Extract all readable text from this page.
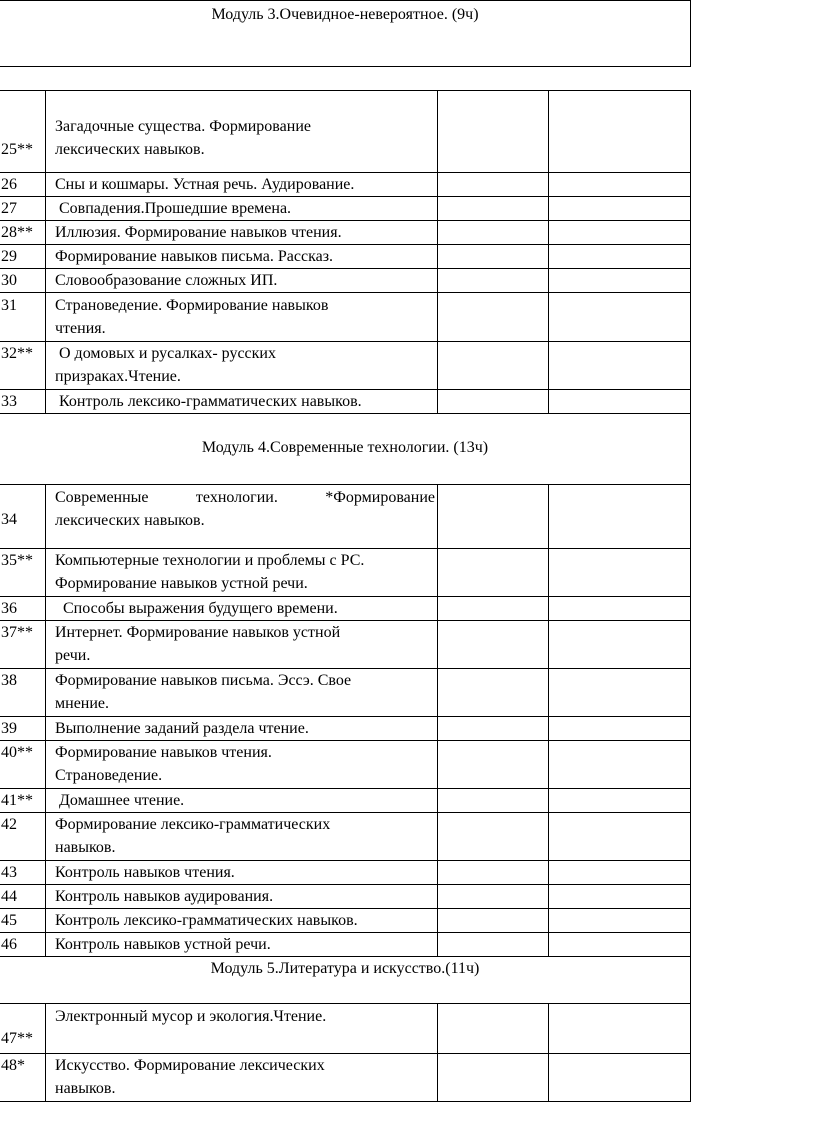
Модуль 3.Очевидное-невероятное. (9ч)
25**
Загадочные существа. Формирование
лексических навыков.
26 Сны и кошмары. Устная речь. Аудирование.
27 Совпадения.Прошедшие времена.
28** Иллюзия. Формирование навыков чтения.
29 Формирование навыков письма. Рассказ.
30 Словообразование сложных ИП.
31 Страноведение. Формирование навыков
чтения.
32** О домовых и русалках- русских
призраках.Чтение.
33 Контроль лексико-грамматических навыков.
Модуль 4.Современные технологии. (13ч)
34
Современные технологии. *Формирование
лексических навыков.
35** Компьютерные технологии и проблемы с РС.
Формирование навыков устной речи.
36 Способы выражения будущего времени.
37** Интернет. Формирование навыков устной
речи.
38 Формирование навыков письма. Эссэ. Свое
мнение.
39 Выполнение заданий раздела чтение.
40** Формирование навыков чтения.
Страноведение.
41** Домашнее чтение.
42 Формирование лексико-грамматических
навыков.
43 Контроль навыков чтения.
44 Контроль навыков аудирования.
45 Контроль лексико-грамматических навыков.
46 Контроль навыков устной речи.
Модуль 5.Литература и искусство.(11ч)
47**
Электронный мусор и экология.Чтение.
48* Искусство. Формирование лексических
навыков.
